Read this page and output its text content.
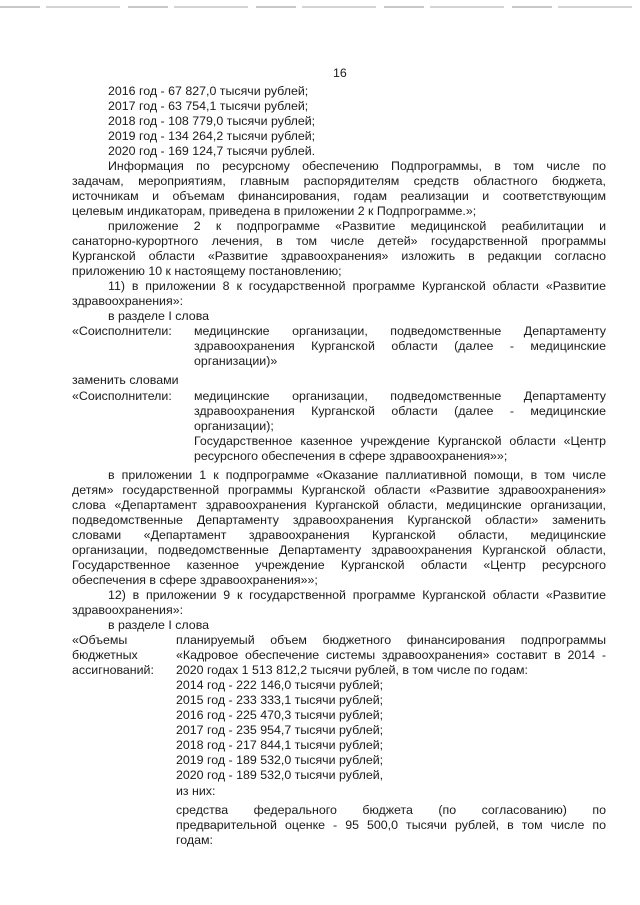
16
2016 год - 67 827,0 тысячи рублей;
2017 год - 63 754,1 тысячи рублей;
2018 год - 108 779,0 тысячи рублей;
2019 год - 134 264,2 тысячи рублей;
2020 год - 169 124,7 тысячи рублей.
Информация по ресурсному обеспечению Подпрограммы, в том числе по
задачам, мероприятиям, главным распорядителям средств областного бюджета,
источникам и объемам финансирования, годам реализации и соответствующим
целевым индикаторам, приведена в приложении 2 к Подпрограмме.»;
приложение 2 к подпрограмме «Развитие медицинской реабилитации и
санаторно-курортного лечения, в том числе детей» государственной программы
Курганской области «Развитие здравоохранения» изложить в редакции согласно
приложению 10 к настоящему постановлению;
11) в приложении 8 к государственной программе Курганской области «Развитие
здравоохранения»:
в разделе I слова
«Соисполнители: медицинские организации, подведомственные Департаменту
здравоохранения Курганской области (далее - медицинские
организации)»
заменить словами
«Соисполнители: медицинские организации, подведомственные Департаменту
здравоохранения Курганской области (далее - медицинские
организации);
Государственное казенное учреждение Курганской области «Центр
ресурсного обеспечения в сфере здравоохранения»»;
в приложении 1 к подпрограмме «Оказание паллиативной помощи, в том числе
детям» государственной программы Курганской области «Развитие здравоохранения»
слова «Департамент здравоохранения Курганской области, медицинские организации,
подведомственные Департаменту здравоохранения Курганской области» заменить
словами «Департамент здравоохранения Курганской области, медицинские
организации, подведомственные Департаменту здравоохранения Курганской области,
Государственное казенное учреждение Курганской области «Центр ресурсного
обеспечения в сфере здравоохранения»»;
12) в приложении 9 к государственной программе Курганской области «Развитие
здравоохранения»:
в разделе I слова
«Объемы
бюджетных
ассигнований:
планируемый объем бюджетного финансирования подпрограммы
«Кадровое обеспечение системы здравоохранения» составит в 2014 -
2020 годах 1 513 812,2 тысячи рублей, в том числе по годам:
2014 год - 222 146,0 тысячи рублей;
2015 год - 233 333,1 тысячи рублей;
2016 год - 225 470,3 тысячи рублей;
2017 год - 235 954,7 тысячи рублей;
2018 год - 217 844,1 тысячи рублей;
2019 год - 189 532,0 тысячи рублей;
2020 год - 189 532,0 тысячи рублей,
из них:
средства федерального бюджета (по согласованию) по
предварительной оценке - 95 500,0 тысячи рублей, в том числе по
годам:
